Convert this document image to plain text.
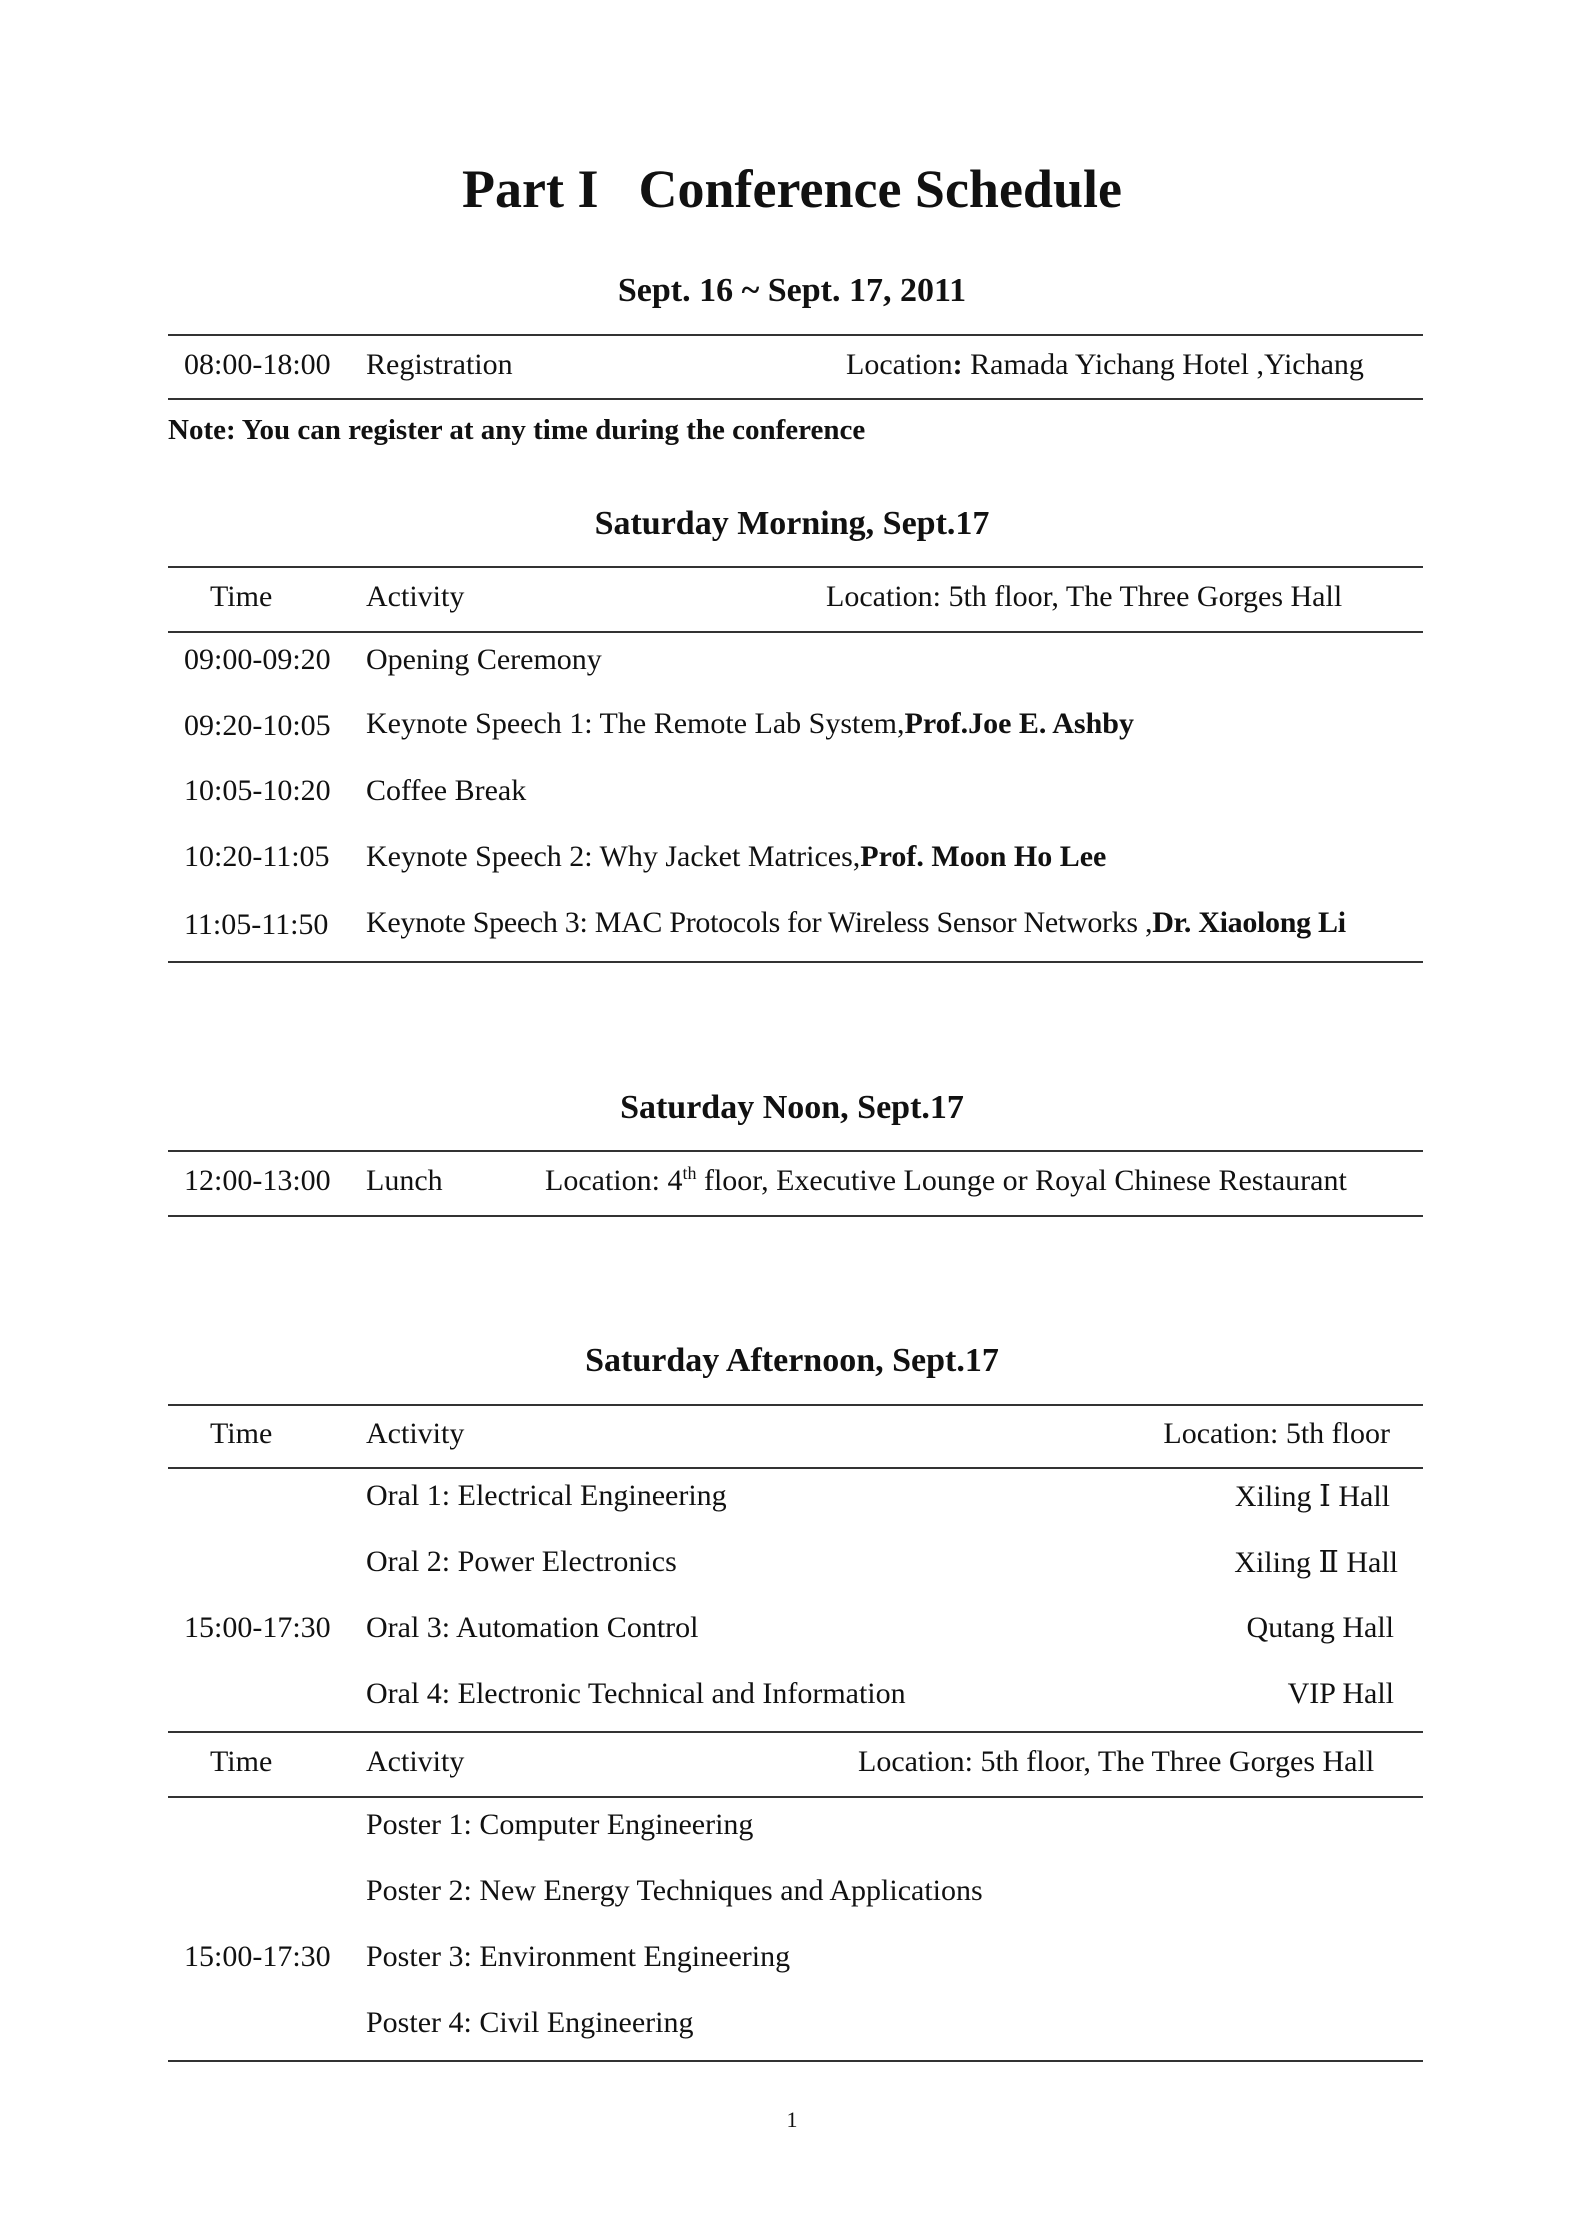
Part I Conference Schedule
Sept. 16 ~ Sept. 17, 2011
08:00-18:00 Registration	Location: Ramada Yichang Hotel ,Yichang
Note: You can register at any time during the conference
Saturday Morning, Sept.17
Time	Activity	Location: 5th floor, The Three Gorges Hall
09:00-09:20 Opening Ceremony
09:20-10:05 Keynote Speech 1: The Remote Lab System,Prof.Joe E. Ashby
10:05-10:20 Coffee Break
10:20-11:05 Keynote Speech 2: Why Jacket Matrices,Prof. Moon Ho Lee
11:05-11:50 Keynote Speech 3: MAC Protocols for Wireless Sensor Networks ,Dr. Xiaolong Li
Saturday Noon, Sept.17
12:00-13:00 Lunch	Location: 4th floor, Executive Lounge or Royal Chinese Restaurant
Saturday Afternoon, Sept.17
Time	Activity	Location: 5th floor
Oral 1: Electrical Engineering	Xiling Ⅰ Hall
Oral 2: Power Electronics	Xiling Ⅱ Hall
15:00-17:30 Oral 3: Automation Control	Qutang Hall
Oral 4: Electronic Technical and Information	VIP Hall
Time	Activity	Location: 5th floor, The Three Gorges Hall
Poster 1: Computer Engineering
Poster 2: New Energy Techniques and Applications
15:00-17:30 Poster 3: Environment Engineering
Poster 4: Civil Engineering
1
